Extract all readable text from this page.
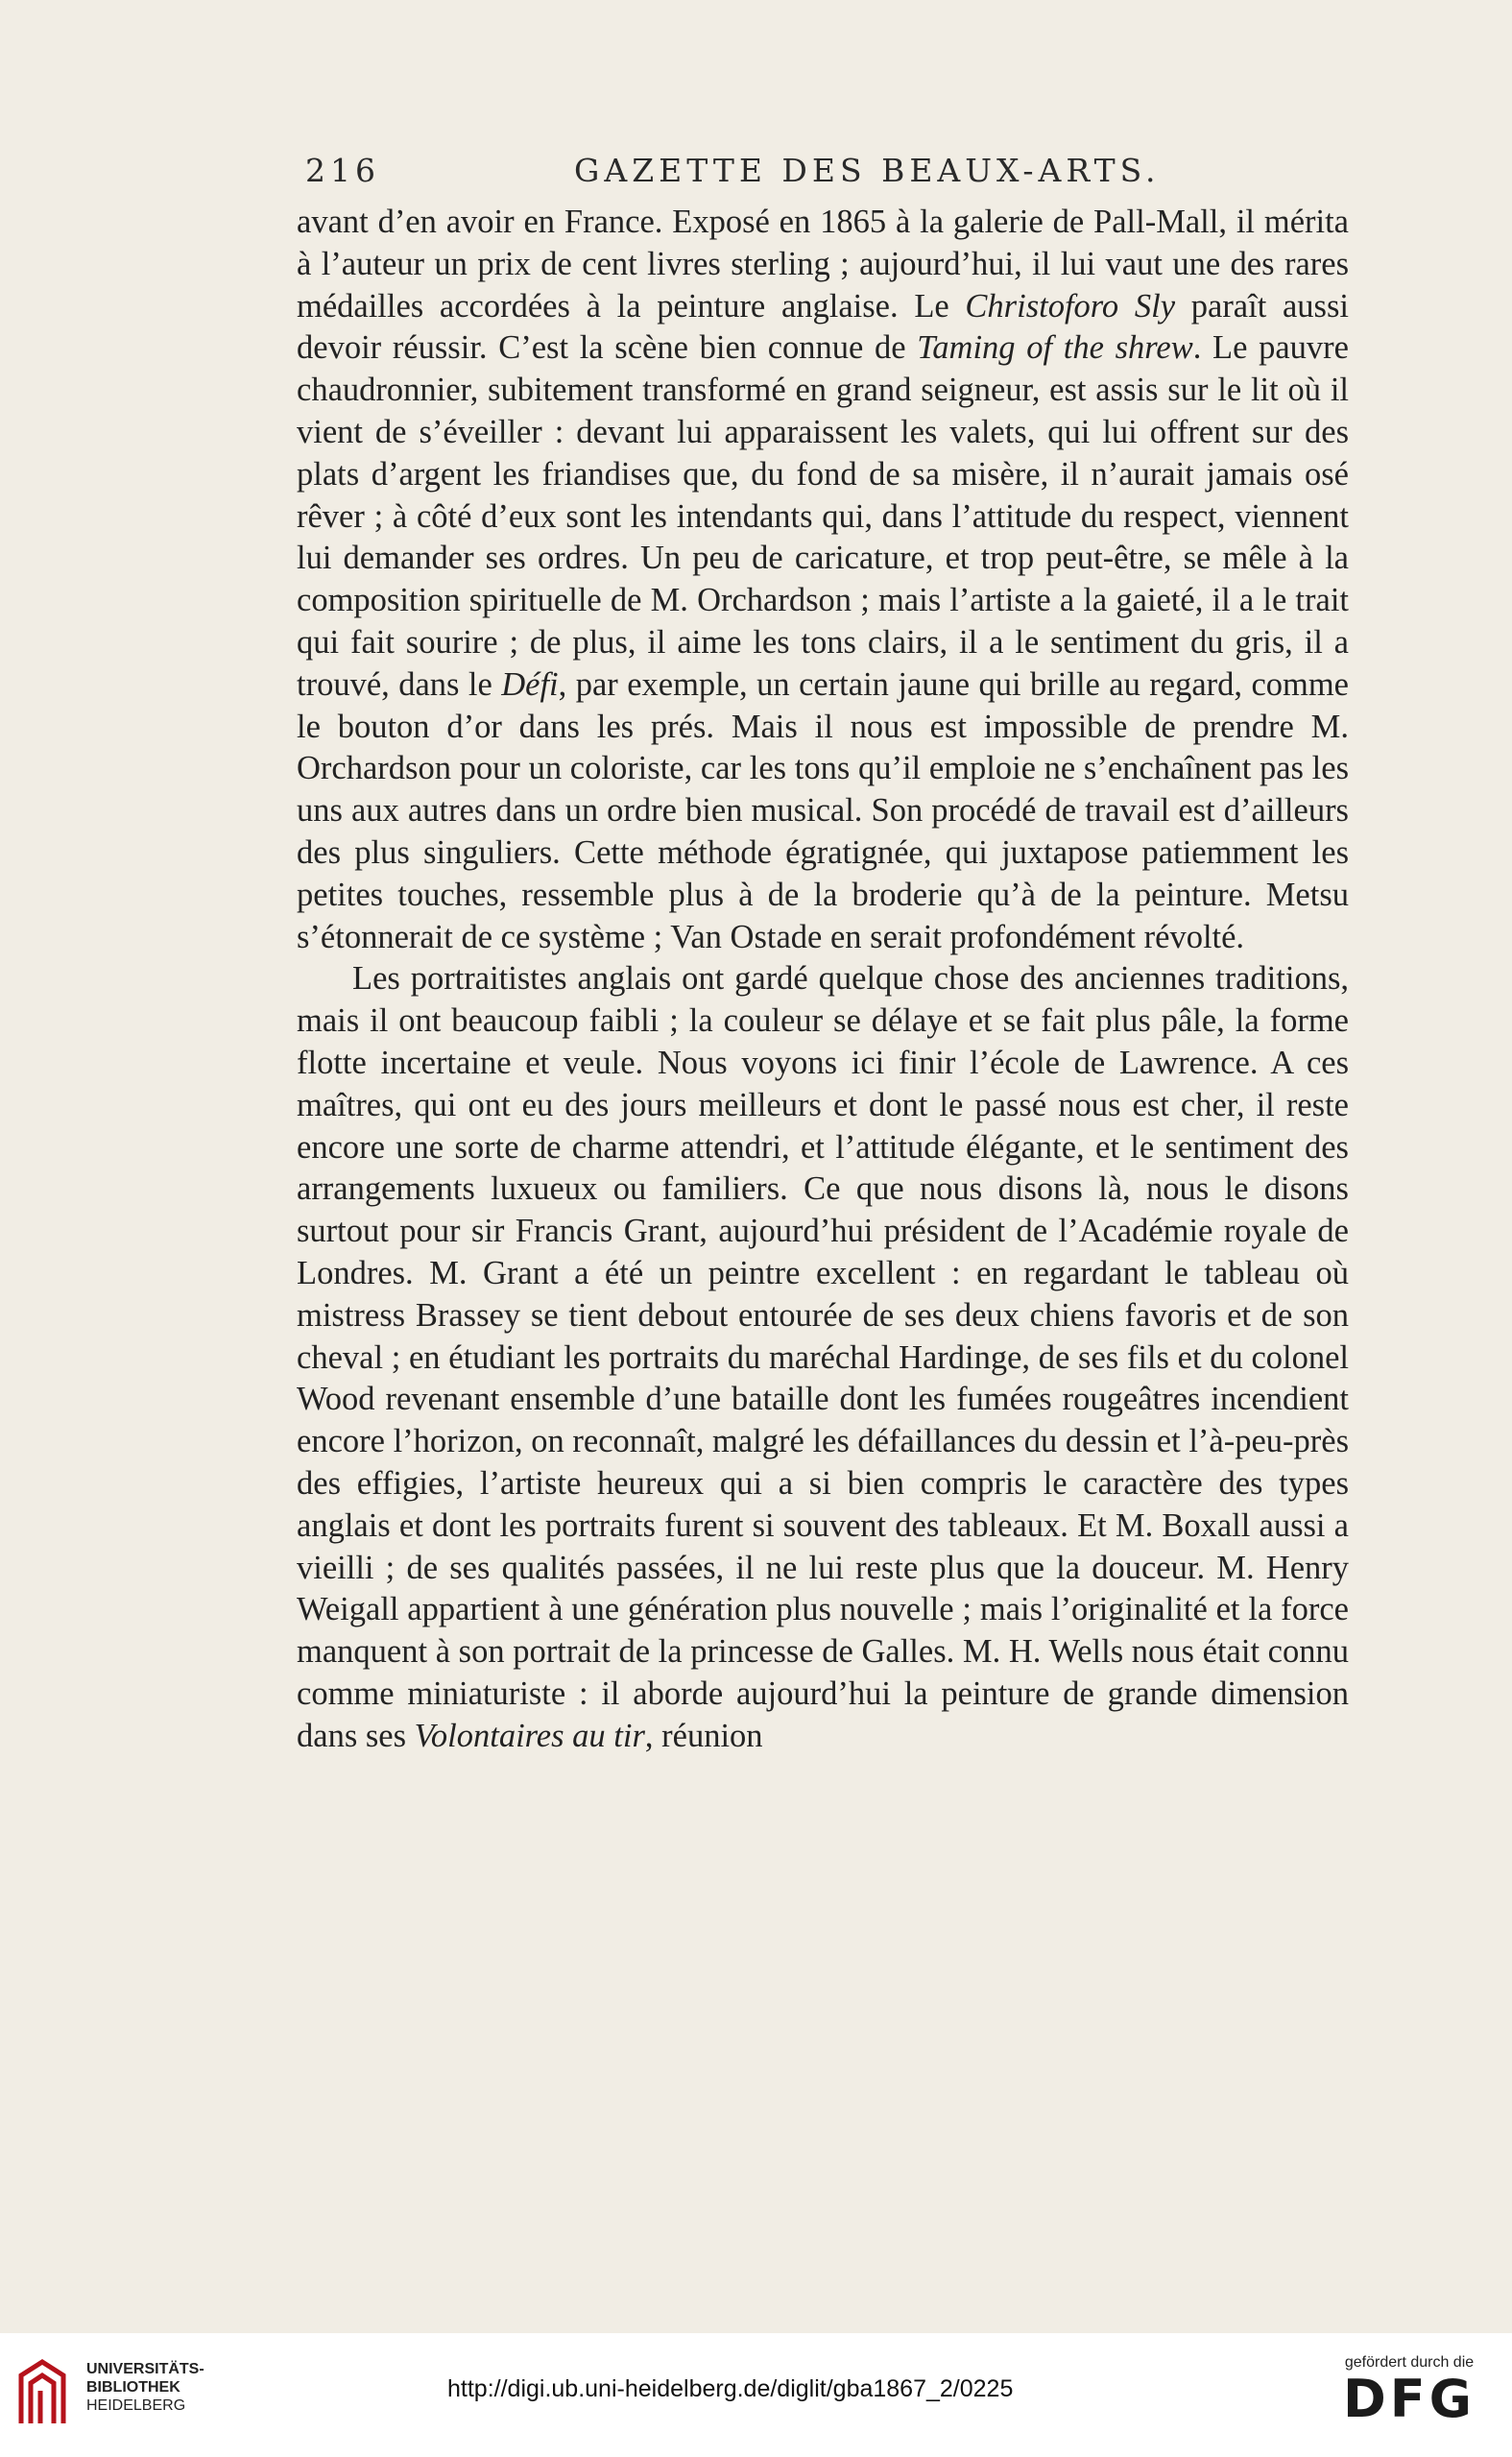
216	GAZETTE DES BEAUX-ARTS.

avant d’en avoir en France. Exposé en 1865 à la galerie de Pall-Mall, il mérita à l’auteur un prix de cent livres sterling ; aujourd’hui, il lui vaut une des rares médailles accordées à la peinture anglaise. Le Christoforo Sly paraît aussi devoir réussir. C’est la scène bien connue de Taming of the shrew. Le pauvre chaudronnier, subitement transformé en grand seigneur, est assis sur le lit où il vient de s’éveiller : devant lui apparaissent les valets, qui lui offrent sur des plats d’argent les friandises que, du fond de sa misère, il n’aurait jamais osé rêver ; à côté d’eux sont les intendants qui, dans l’attitude du respect, viennent lui demander ses ordres. Un peu de caricature, et trop peut-être, se mêle à la composition spirituelle de M. Orchardson ; mais l’artiste a la gaieté, il a le trait qui fait sourire ; de plus, il aime les tons clairs, il a le sentiment du gris, il a trouvé, dans le Défi, par exemple, un certain jaune qui brille au regard, comme le bouton d’or dans les prés. Mais il nous est impossible de prendre M. Orchardson pour un coloriste, car les tons qu’il emploie ne s’enchaînent pas les uns aux autres dans un ordre bien musical. Son procédé de travail est d’ailleurs des plus singuliers. Cette méthode égratignée, qui juxtapose patiemment les petites touches, ressemble plus à de la broderie qu’à de la peinture. Metsu s’étonnerait de ce système ; Van Ostade en serait profondément révolté.

Les portraitistes anglais ont gardé quelque chose des anciennes traditions, mais il ont beaucoup faibli ; la couleur se délaye et se fait plus pâle, la forme flotte incertaine et veule. Nous voyons ici finir l’école de Lawrence. A ces maîtres, qui ont eu des jours meilleurs et dont le passé nous est cher, il reste encore une sorte de charme attendri, et l’attitude élégante, et le sentiment des arrangements luxueux ou familiers. Ce que nous disons là, nous le disons surtout pour sir Francis Grant, aujourd’hui président de l’Académie royale de Londres. M. Grant a été un peintre excellent : en regardant le tableau où mistress Brassey se tient debout entourée de ses deux chiens favoris et de son cheval ; en étudiant les portraits du maréchal Hardinge, de ses fils et du colonel Wood revenant ensemble d’une bataille dont les fumées rougeâtres incendient encore l’horizon, on reconnaît, malgré les défaillances du dessin et l’à-peu-près des effigies, l’artiste heureux qui a si bien compris le caractère des types anglais et dont les portraits furent si souvent des tableaux. Et M. Boxall aussi a vieilli ; de ses qualités passées, il ne lui reste plus que la douceur. M. Henry Weigall appartient à une génération plus nouvelle ; mais l’originalité et la force manquent à son portrait de la princesse de Galles. M. H. Wells nous était connu comme miniaturiste : il aborde aujourd’hui la peinture de grande dimension dans ses Volontaires au tir, réunion

UNIVERSITÄTS-
BIBLIOTHEK
HEIDELBERG
http://digi.ub.uni-heidelberg.de/diglit/gba1867_2/0225
gefördert durch die
DFG
